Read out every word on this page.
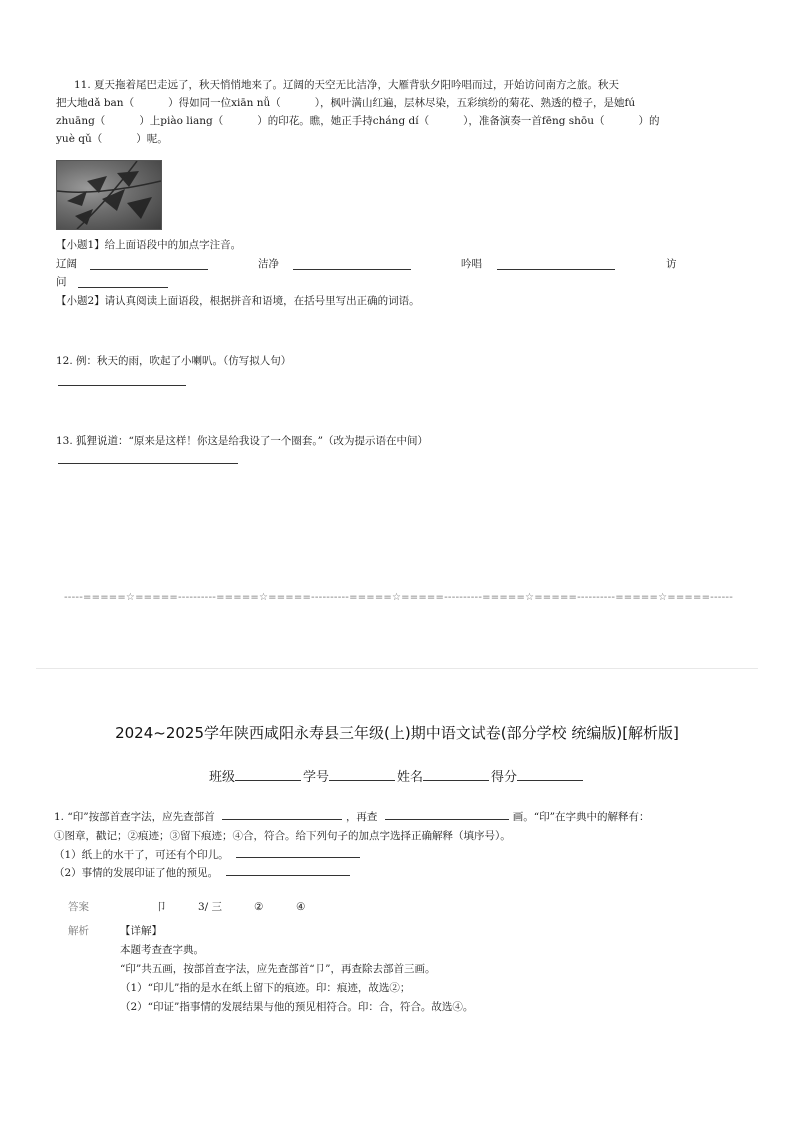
11. 夏天拖着尾巴走远了，秋天悄悄地来了。辽阔的天空无比洁净，大雁背驮夕阳吟唱而过，开始访问南方之旅。秋天
把大地dǎ ban（	）得如同一位xiān nǚ（	），枫叶满山红遍，层林尽染，五彩缤纷的菊花、熟透的橙子，是她fú
zhuāng（	）上piào liang（	）的印花。瞧，她正手持cháng dí（	），准备演奏一首fēng shōu（	）的
yuè qǔ（	）呢。
【小题1】给上面语段中的加点字注音。
辽阔	洁净	吟唱	访
问
【小题2】请认真阅读上面语段，根据拼音和语境，在括号里写出正确的词语。
12. 例：秋天的雨，吹起了小喇叭。（仿写拟人句）
13. 狐狸说道：“原来是这样！你这是给我设了一个圈套。”（改为提示语在中间）
-----=====☆=====----------=====☆=====----------=====☆=====----------=====☆=====----------=====☆=====------
2024~2025学年陕西咸阳永寿县三年级(上)期中语文试卷(部分学校 统编版)[解析版]
班级	学号	姓名	得分
1. “印”按部首查字法，应先查部首	，再查	画。“印”在字典中的解释有：
①图章，戳记；②痕迹；③留下痕迹；④合，符合。给下列句子的加点字选择正确解释（填序号）。
（1）纸上的水干了，可还有个印儿。
（2）事情的发展印证了他的预见。
答案	卩	3/ 三	②	④
解析	【详解】
本题考查查字典。
“印”共五画，按部首查字法，应先查部首“卩”，再查除去部首三画。
（1）“印儿”指的是水在纸上留下的痕迹。印：痕迹，故选②；
（2）“印证”指事情的发展结果与他的预见相符合。印：合，符合。故选④。
